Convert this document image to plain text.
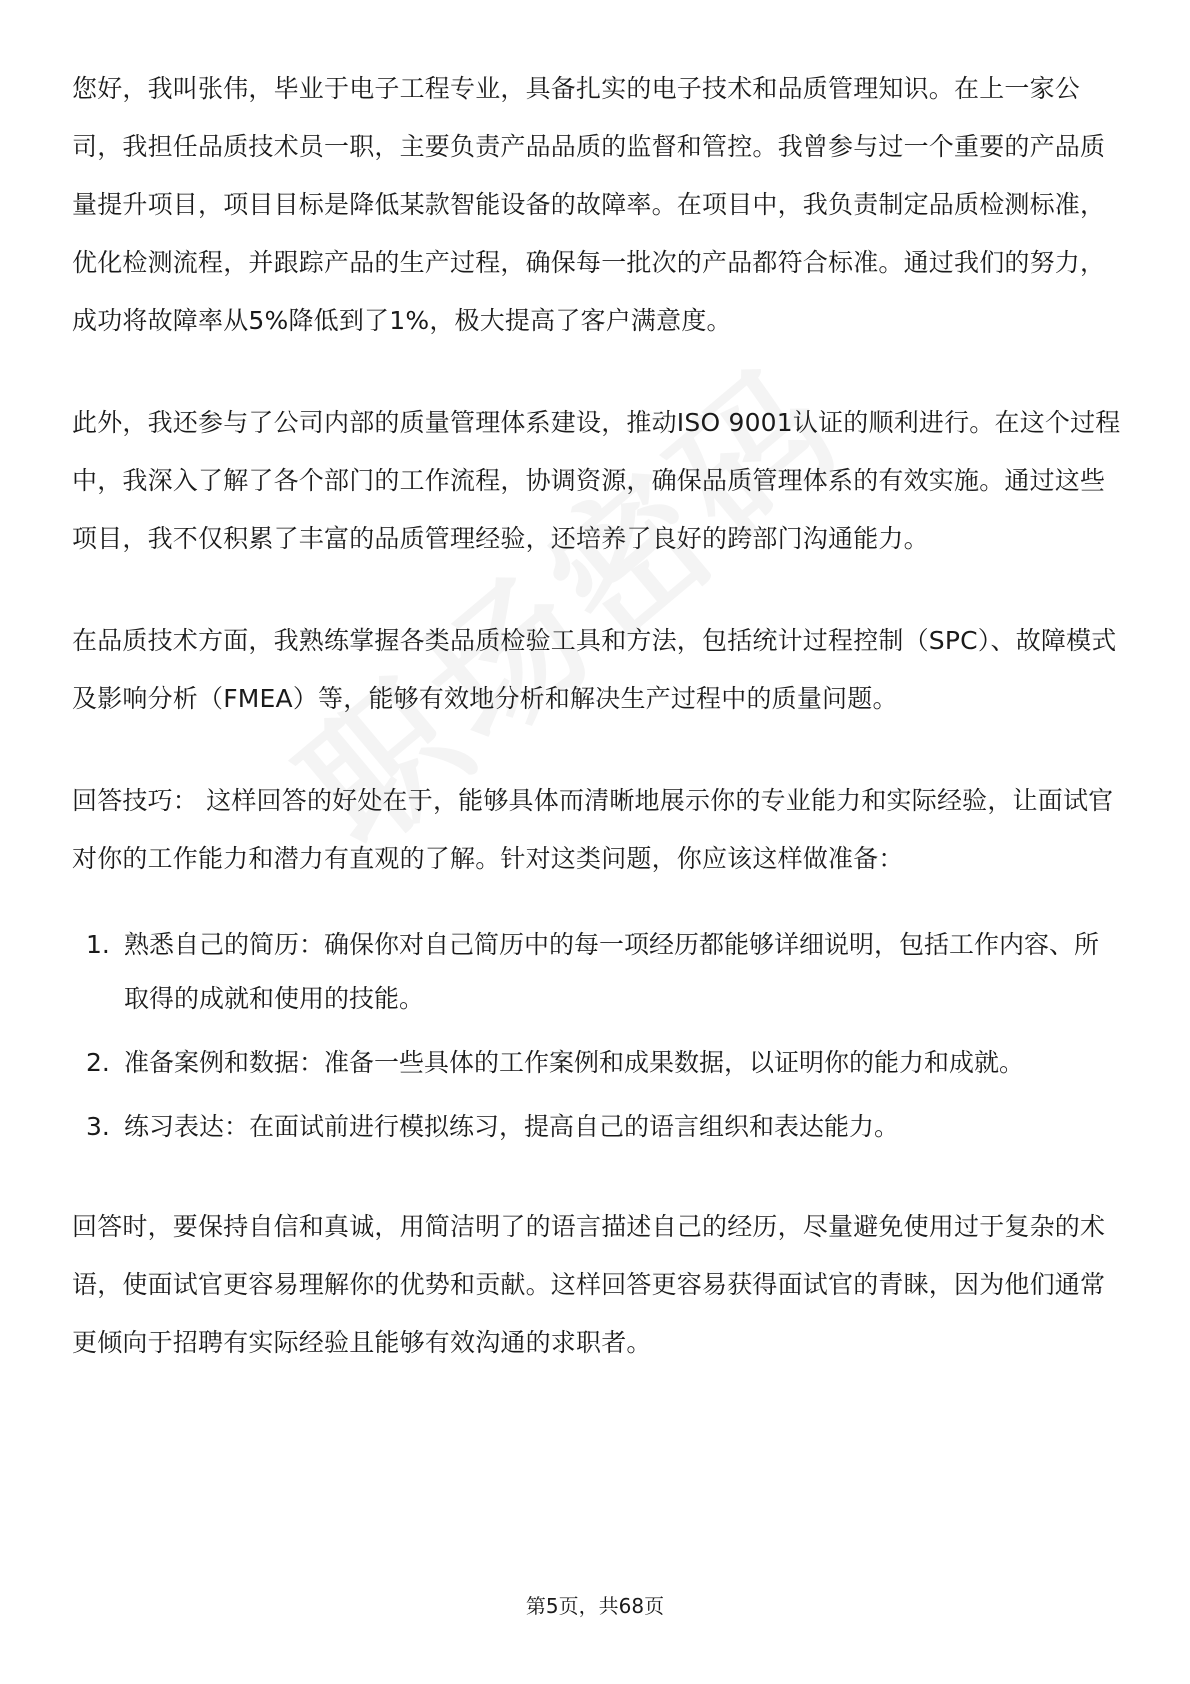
您好，我叫张伟，毕业于电子工程专业，具备扎实的电子技术和品质管理知识。在上一家公司，我担任品质技术员一职，主要负责产品品质的监督和管控。我曾参与过一个重要的产品质量提升项目，项目目标是降低某款智能设备的故障率。在项目中，我负责制定品质检测标准，优化检测流程，并跟踪产品的生产过程，确保每一批次的产品都符合标准。通过我们的努力，成功将故障率从5%降低到了1%，极大提高了客户满意度。

此外，我还参与了公司内部的质量管理体系建设，推动ISO 9001认证的顺利进行。在这个过程中，我深入了解了各个部门的工作流程，协调资源，确保品质管理体系的有效实施。通过这些项目，我不仅积累了丰富的品质管理经验，还培养了良好的跨部门沟通能力。

在品质技术方面，我熟练掌握各类品质检验工具和方法，包括统计过程控制（SPC）、故障模式及影响分析（FMEA）等，能够有效地分析和解决生产过程中的质量问题。

回答技巧： 这样回答的好处在于，能够具体而清晰地展示你的专业能力和实际经验，让面试官对你的工作能力和潜力有直观的了解。针对这类问题，你应该这样做准备：

1. 熟悉自己的简历：确保你对自己简历中的每一项经历都能够详细说明，包括工作内容、所取得的成就和使用的技能。
2. 准备案例和数据：准备一些具体的工作案例和成果数据，以证明你的能力和成就。
3. 练习表达：在面试前进行模拟练习，提高自己的语言组织和表达能力。

回答时，要保持自信和真诚，用简洁明了的语言描述自己的经历，尽量避免使用过于复杂的术语，使面试官更容易理解你的优势和贡献。这样回答更容易获得面试官的青睐，因为他们通常更倾向于招聘有实际经验且能够有效沟通的求职者。

第5页，共68页
